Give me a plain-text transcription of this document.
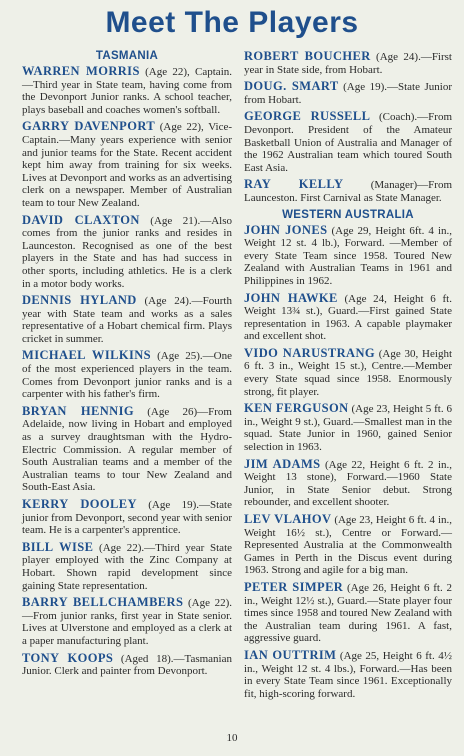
Meet The Players
TASMANIA

WARREN MORRIS (Age 22), Captain.—Third year in State team, having come from the Devonport Junior ranks. A school teacher, plays baseball and coaches women's softball.

GARRY DAVENPORT (Age 22), Vice-Captain.—Many years experience with senior and junior teams for the State. Recent accident kept him away from training for six weeks. Lives at Devonport and works as an advertising clerk on a newspaper. Member of Australian team to tour New Zealand.

DAVID CLAXTON (Age 21).—Also comes from the junior ranks and resides in Launceston. Recognised as one of the best players in the State and has had success in other sports, including athletics. He is a clerk in a motor body works.

DENNIS HYLAND (Age 24).—Fourth year with State team and works as a sales representative of a Hobart chemical firm. Plays cricket in summer.

MICHAEL WILKINS (Age 25).—One of the most experienced players in the team. Comes from Devonport junior ranks and is a carpenter with his father's firm.

BRYAN HENNIG (Age 26)—From Adelaide, now living in Hobart and employed as a survey draughtsman with the Hydro-Electric Commission. A regular member of South Australian teams and a member of the Australian teams to tour New Zealand and South-East Asia.

KERRY DOOLEY (Age 19).—State junior from Devonport, second year with senior team. He is a carpenter's apprentice.

BILL WISE (Age 22).—Third year State player employed with the Zinc Company at Hobart. Shown rapid development since gaining State representation.

BARRY BELLCHAMBERS (Age 22).—From junior ranks, first year in State senior. Lives at Ulverstone and employed as a clerk at a paper manufacturing plant.

TONY KOOPS (Aged 18).—Tasmanian Junior. Clerk and painter from Devonport.

ROBERT BOUCHER (Age 24).—First year in State side, from Hobart.

DOUG. SMART (Age 19).—State Junior from Hobart.

GEORGE RUSSELL (Coach).—From Devonport. President of the Amateur Basketball Union of Australia and Manager of the 1962 Australian team which toured South East Asia.

RAY KELLY (Manager)—From Launceston. First Carnival as State Manager.

WESTERN AUSTRALIA

JOHN JONES (Age 29, Height 6ft. 4 in., Weight 12 st. 4 lb.), Forward. —Member of every State Team since 1958. Toured New Zealand with Australian Teams in 1961 and Philippines in 1962.

JOHN HAWKE (Age 24, Height 6 ft. Weight 13¾ st.), Guard.—First gained State representation in 1963. A capable playmaker and excellent shot.

VIDO NARUSTRANG (Age 30, Height 6 ft. 3 in., Weight 15 st.), Centre.—Member every State squad since 1958. Enormously strong, fit player.

KEN FERGUSON (Age 23, Height 5 ft. 6 in., Weight 9 st.), Guard.—Smallest man in the squad. State Junior in 1960, gained Senior selection in 1963.

JIM ADAMS (Age 22, Height 6 ft. 2 in., Weight 13 stone), Forward.—1960 State Junior, in State Senior debut. Strong rebounder, and excellent shooter.

LEV VLAHOV (Age 23, Height 6 ft. 4 in., Weight 16½ st.), Centre or Forward.—Represented Australia at the Commonwealth Games in Perth in the Discus event during 1963. Strong and agile for a big man.

PETER SIMPER (Age 26, Height 6 ft. 2 in., Weight 12½ st.), Guard.—State player four times since 1958 and toured New Zealand with the Australian team during 1961. A fast, aggressive guard.

IAN OUTTRIM (Age 25, Height 6 ft. 4½ in., Weight 12 st. 4 lbs.), Forward.—Has been in every State Team since 1961. Exceptionally fit, high-scoring forward.

10
